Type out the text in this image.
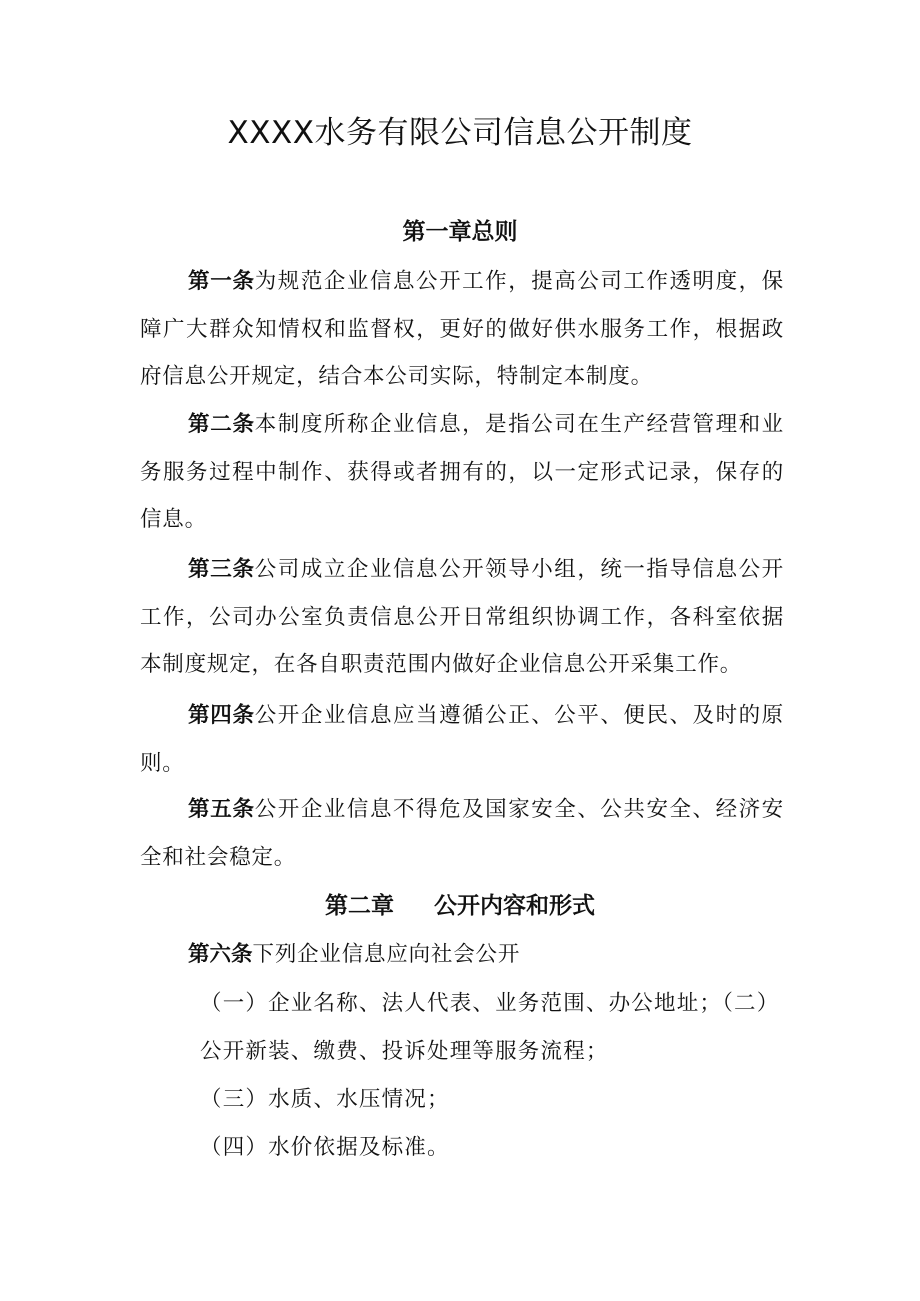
XXXX水务有限公司信息公开制度
第一章总则

第一条为规范企业信息公开工作，提高公司工作透明度，保障广大群众知情权和监督权，更好的做好供水服务工作，根据政府信息公开规定，结合本公司实际，特制定本制度。

第二条本制度所称企业信息，是指公司在生产经营管理和业务服务过程中制作、获得或者拥有的，以一定形式记录，保存的信息。

第三条公司成立企业信息公开领导小组，统一指导信息公开工作，公司办公室负责信息公开日常组织协调工作，各科室依据本制度规定，在各自职责范围内做好企业信息公开采集工作。

第四条公开企业信息应当遵循公正、公平、便民、及时的原则。

第五条公开企业信息不得危及国家安全、公共安全、经济安全和社会稳定。

第二章 公开内容和形式

第六条下列企业信息应向社会公开

（一）企业名称、法人代表、业务范围、办公地址；（二）

公开新装、缴费、投诉处理等服务流程；

（三）水质、水压情况；

（四）水价依据及标准。
